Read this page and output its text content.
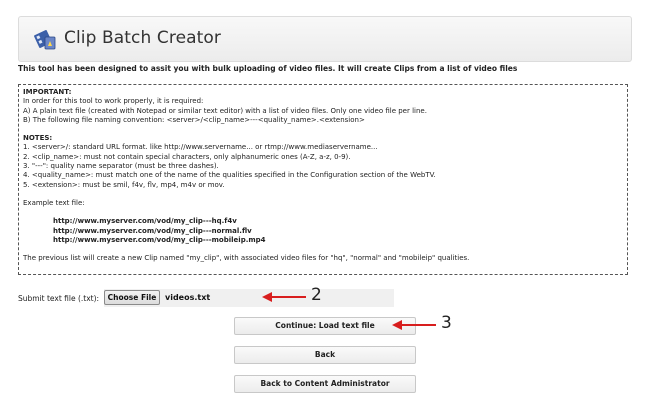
Clip Batch Creator
This tool has been designed to assit you with bulk uploading of video files. It will create Clips from a list of video files
IMPORTANT:
In order for this tool to work properly, it is required:
A) A plain text file (created with Notepad or similar text editor) with a list of video files. Only one video file per line.
B) The following file naming convention: <server>/<clip_name>---<quality_name>.<extension>
NOTES:
1. <server>/: standard URL format. like http://www.servername... or rtmp://www.mediaservername...
2. <clip_name>: must not contain special characters, only alphanumeric ones (A-Z, a-z, 0-9).
3. "---": quality name separator (must be three dashes).
4. <quality_name>: must match one of the name of the qualities specified in the Configuration section of the WebTV.
5. <extension>: must be smil, f4v, flv, mp4, m4v or mov.
Example text file:
http://www.myserver.com/vod/my_clip---hq.f4v
http://www.myserver.com/vod/my_clip---normal.flv
http://www.myserver.com/vod/my_clip---mobileip.mp4
The previous list will create a new Clip named "my_clip", with associated video files for "hq", "normal" and "mobileip" qualities.
Submit text file (.txt):	Choose File	videos.txt
Continue: Load text file
Back
Back to Content Administrator
2
3
